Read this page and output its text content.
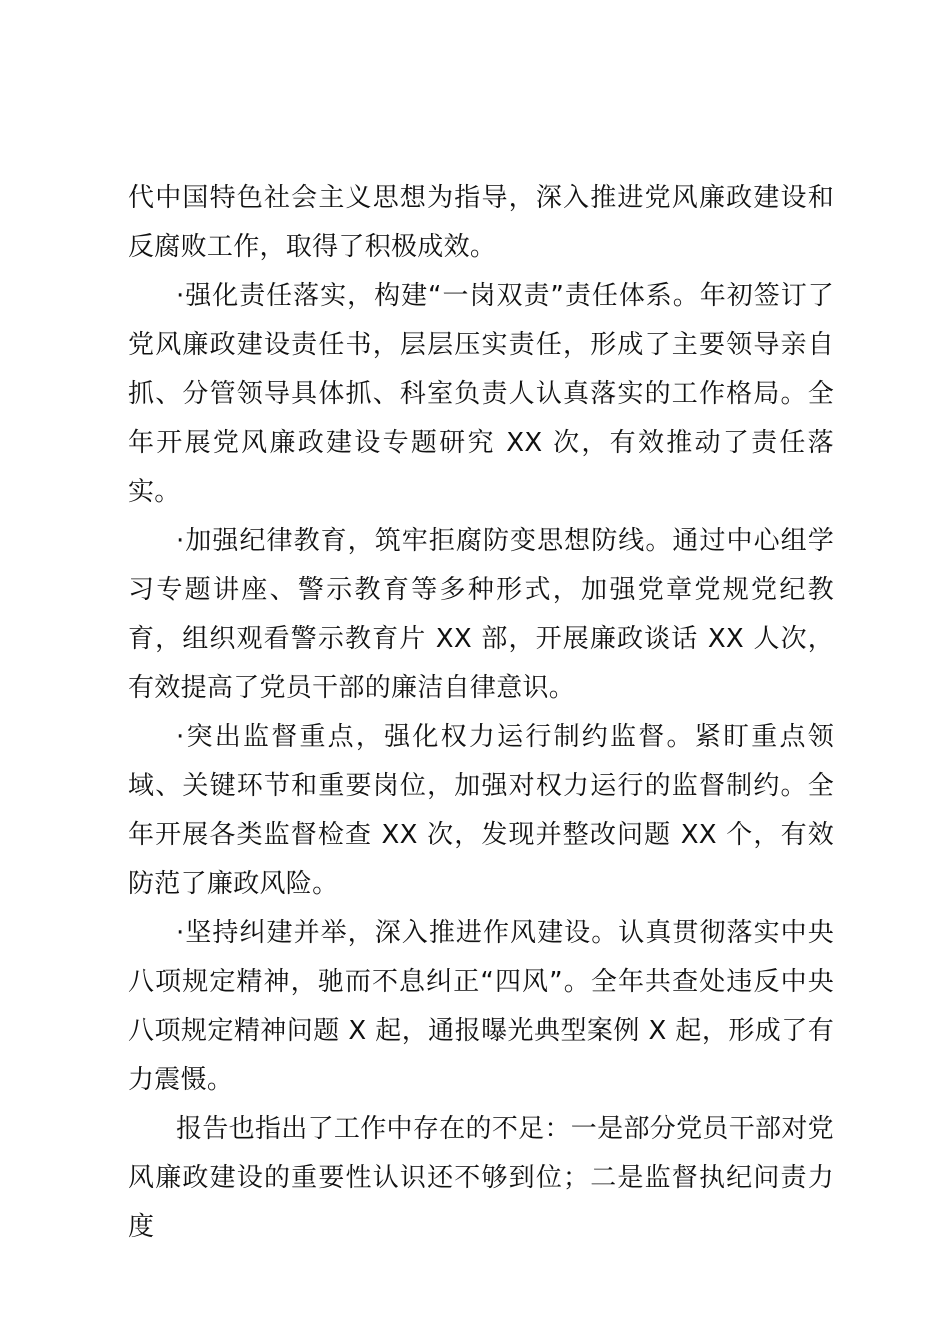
代中国特色社会主义思想为指导，深入推进党风廉政建设和反腐败工作，取得了积极成效。

·强化责任落实，构建“一岗双责”责任体系。年初签订了党风廉政建设责任书，层层压实责任，形成了主要领导亲自抓、分管领导具体抓、科室负责人认真落实的工作格局。全年开展党风廉政建设专题研究 XX 次，有效推动了责任落实。

·加强纪律教育，筑牢拒腐防变思想防线。通过中心组学习专题讲座、警示教育等多种形式，加强党章党规党纪教育，组织观看警示教育片 XX 部，开展廉政谈话 XX 人次，有效提高了党员干部的廉洁自律意识。

·突出监督重点，强化权力运行制约监督。紧盯重点领域、关键环节和重要岗位，加强对权力运行的监督制约。全年开展各类监督检查 XX 次，发现并整改问题 XX 个，有效防范了廉政风险。

·坚持纠建并举，深入推进作风建设。认真贯彻落实中央八项规定精神，驰而不息纠正“四风”。全年共查处违反中央八项规定精神问题 X 起，通报曝光典型案例 X 起，形成了有力震慑。

报告也指出了工作中存在的不足：一是部分党员干部对党风廉政建设的重要性认识还不够到位；二是监督执纪问责力度
